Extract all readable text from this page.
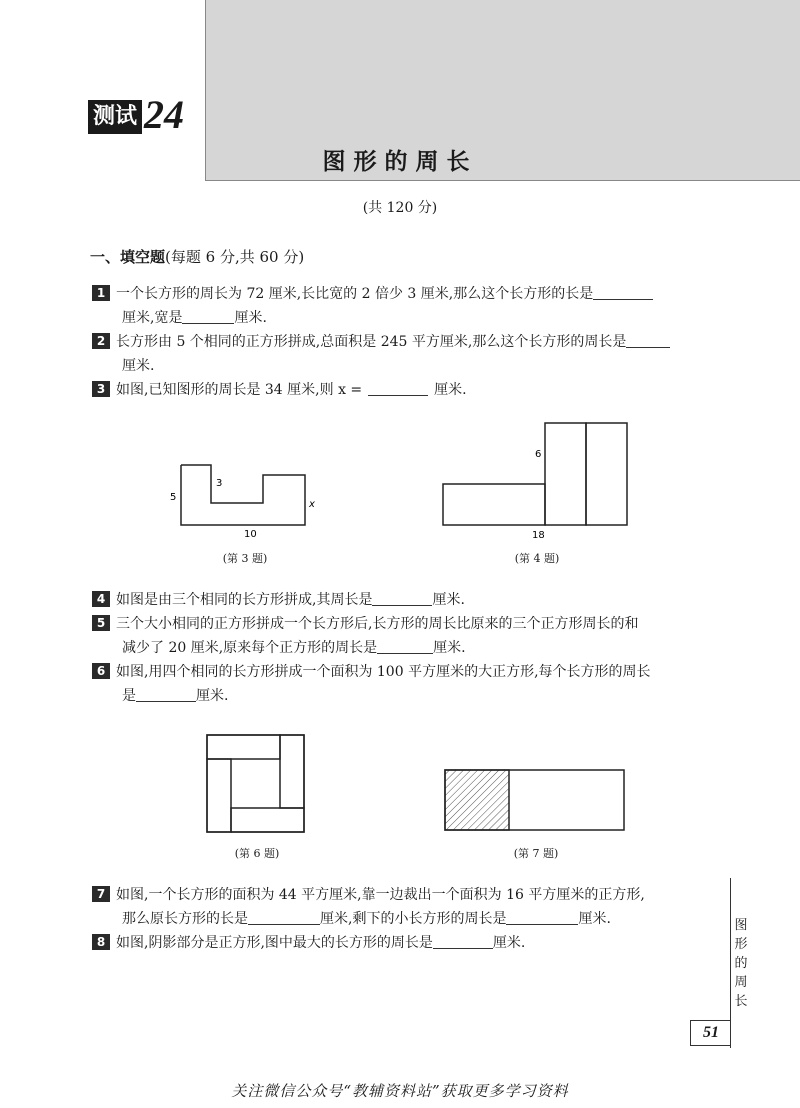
测试 24
图形的周长
(共 120 分)
一、填空题(每题 6 分,共 60 分)
1 一个长方形的周长为 72 厘米,长比宽的 2 倍少 3 厘米,那么这个长方形的长是
厘米,宽是	厘米.
2 长方形由 5 个相同的正方形拼成,总面积是 245 平方厘米,那么这个长方形的周长是
厘米.
3 如图,已知图形的周长是 34 厘米,则 x =	厘米.
5
3
10
x
(第 3 题)
6
18
(第 4 题)
4 如图是由三个相同的长方形拼成,其周长是	厘米.
5 三个大小相同的正方形拼成一个长方形后,长方形的周长比原来的三个正方形周长的和
减少了 20 厘米,原来每个正方形的周长是	厘米.
6 如图,用四个相同的长方形拼成一个面积为 100 平方厘米的大正方形,每个长方形的周长
是	厘米.
(第 6 题)	(第 7 题)
7 如图,一个长方形的面积为 44 平方厘米,靠一边裁出一个面积为 16 平方厘米的正方形,
那么原长方形的长是	厘米,剩下的小长方形的周长是	厘米.
8 如图,阴影部分是正方形,图中最大的长方形的周长是	厘米.
图
形
的
周
长
51
关注微信公众号“教辅资料站”获取更多学习资料
